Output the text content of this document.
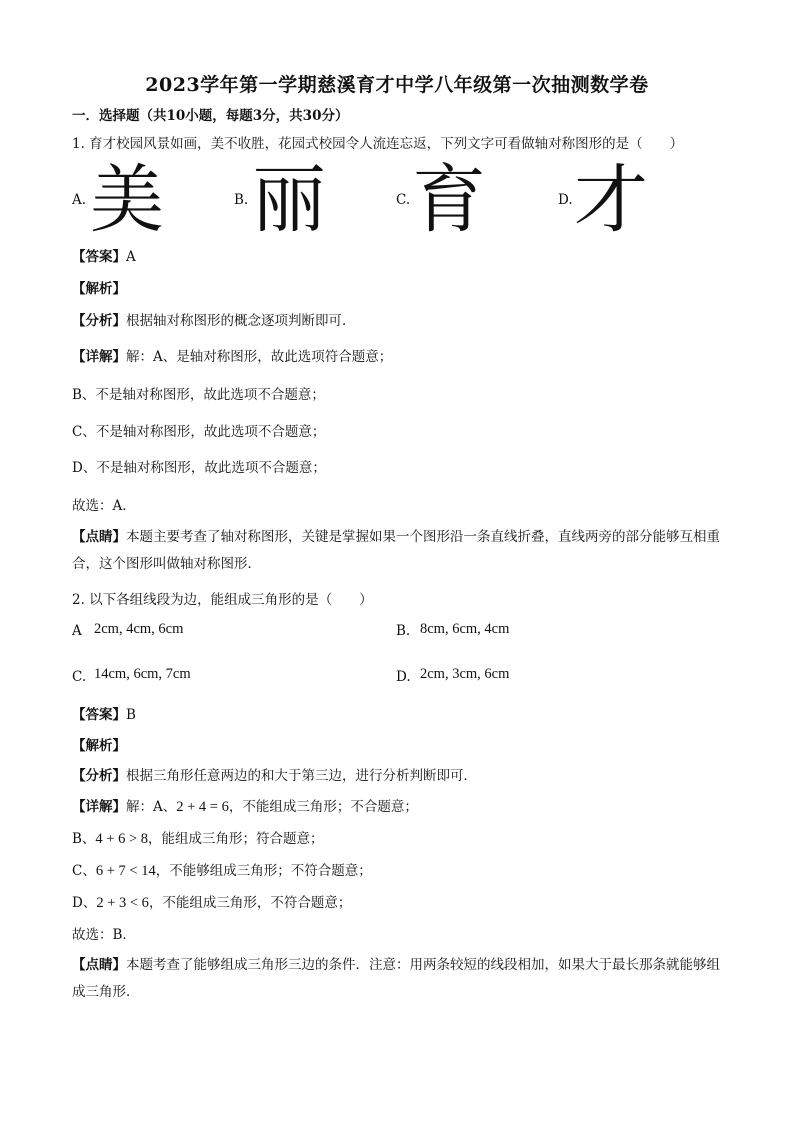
2023学年第一学期慈溪育才中学八年级第一次抽测数学卷
一．选择题（共10小题，每题3分，共30分）
1. 育才校园风景如画，美不收胜，花园式校园令人流连忘返，下列文字可看做轴对称图形的是（　　）
A. 美	B. 丽	C. 育	D. 才
【答案】A
【解析】
【分析】根据轴对称图形的概念逐项判断即可．
【详解】解：A、是轴对称图形，故此选项符合题意；
B、不是轴对称图形，故此选项不合题意；
C、不是轴对称图形，故此选项不合题意；
D、不是轴对称图形，故此选项不合题意；
故选：A．
【点睛】本题主要考查了轴对称图形，关键是掌握如果一个图形沿一条直线折叠，直线两旁的部分能够互相重合，这个图形叫做轴对称图形．
2. 以下各组线段为边，能组成三角形的是（　　）
A 2cm, 4cm, 6cm	B. 8cm, 6cm, 4cm
C. 14cm, 6cm, 7cm	D. 2cm, 3cm, 6cm
【答案】B
【解析】
【分析】根据三角形任意两边的和大于第三边，进行分析判断即可．
【详解】解：A、2 + 4 = 6，不能组成三角形；不合题意；
B、4 + 6 > 8，能组成三角形；符合题意；
C、6 + 7 < 14，不能够组成三角形；不符合题意；
D、2 + 3 < 6，不能组成三角形，不符合题意；
故选：B．
【点睛】本题考查了能够组成三角形三边的条件．注意：用两条较短的线段相加，如果大于最长那条就能够组成三角形．
